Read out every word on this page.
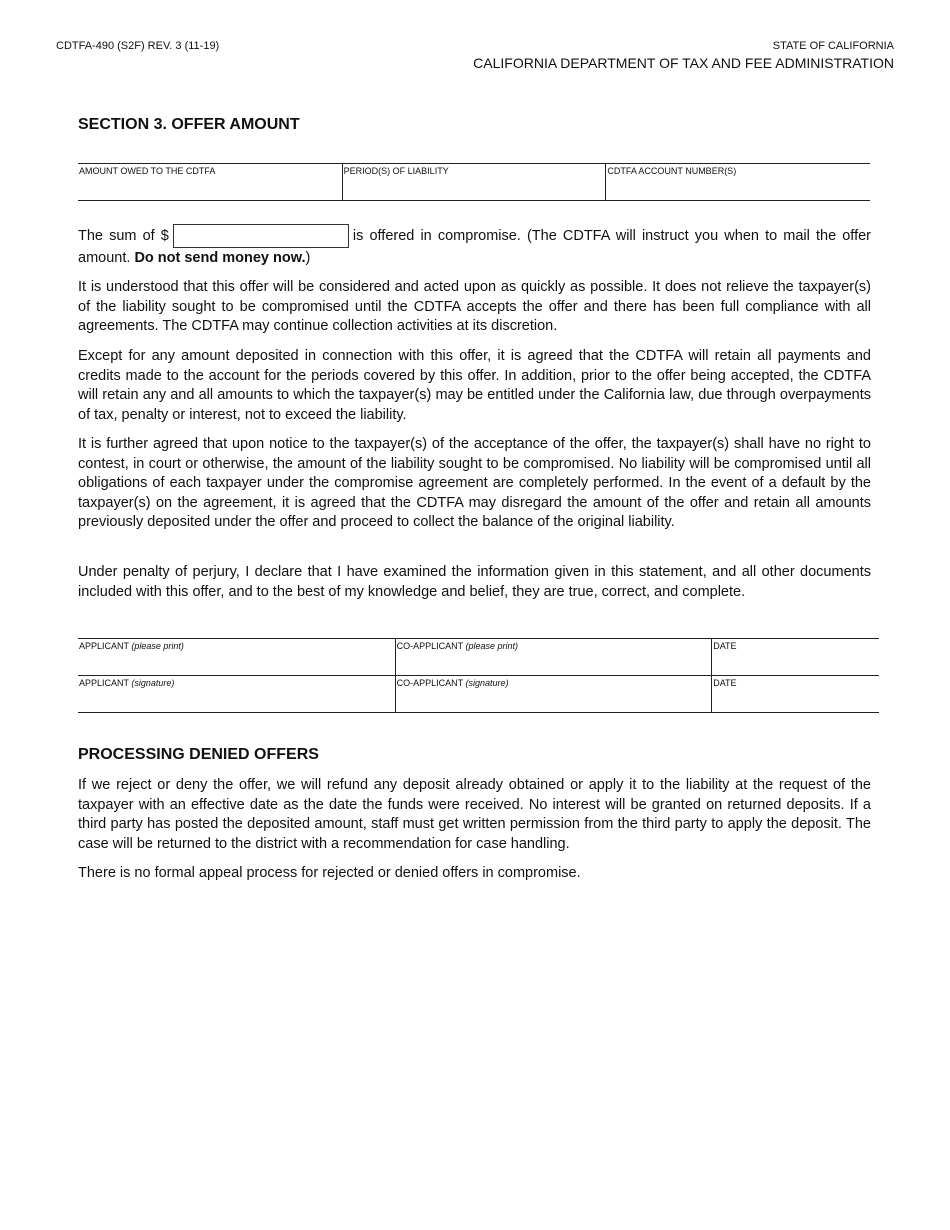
CDTFA-490 (S2F) REV. 3 (11-19)	STATE OF CALIFORNIA
CALIFORNIA DEPARTMENT OF TAX AND FEE ADMINISTRATION
SECTION 3. OFFER AMOUNT
AMOUNT OWED TO THE CDTFA	PERIOD(S) OF LIABILITY	CDTFA ACCOUNT NUMBER(S)

The sum of $	is offered in compromise. (The CDTFA will instruct you when to mail the offer amount. Do not send money now.)

It is understood that this offer will be considered and acted upon as quickly as possible. It does not relieve the taxpayer(s) of the liability sought to be compromised until the CDTFA accepts the offer and there has been full compliance with all agreements. The CDTFA may continue collection activities at its discretion.

Except for any amount deposited in connection with this offer, it is agreed that the CDTFA will retain all payments and credits made to the account for the periods covered by this offer. In addition, prior to the offer being accepted, the CDTFA will retain any and all amounts to which the taxpayer(s) may be entitled under the California law, due through overpayments of tax, penalty or interest, not to exceed the liability.

It is further agreed that upon notice to the taxpayer(s) of the acceptance of the offer, the taxpayer(s) shall have no right to contest, in court or otherwise, the amount of the liability sought to be compromised. No liability will be compromised until all obligations of each taxpayer under the compromise agreement are completely performed. In the event of a default by the taxpayer(s) on the agreement, it is agreed that the CDTFA may disregard the amount of the offer and retain all amounts previously deposited under the offer and proceed to collect the balance of the original liability.

Under penalty of perjury, I declare that I have examined the information given in this statement, and all other documents included with this offer, and to the best of my knowledge and belief, they are true, correct, and complete.

APPLICANT (please print)	CO-APPLICANT (please print)	DATE
APPLICANT (signature)	CO-APPLICANT (signature)	DATE
PROCESSING DENIED OFFERS

If we reject or deny the offer, we will refund any deposit already obtained or apply it to the liability at the request of the taxpayer with an effective date as the date the funds were received. No interest will be granted on returned deposits. If a third party has posted the deposited amount, staff must get written permission from the third party to apply the deposit. The case will be returned to the district with a recommendation for case handling.

There is no formal appeal process for rejected or denied offers in compromise.
